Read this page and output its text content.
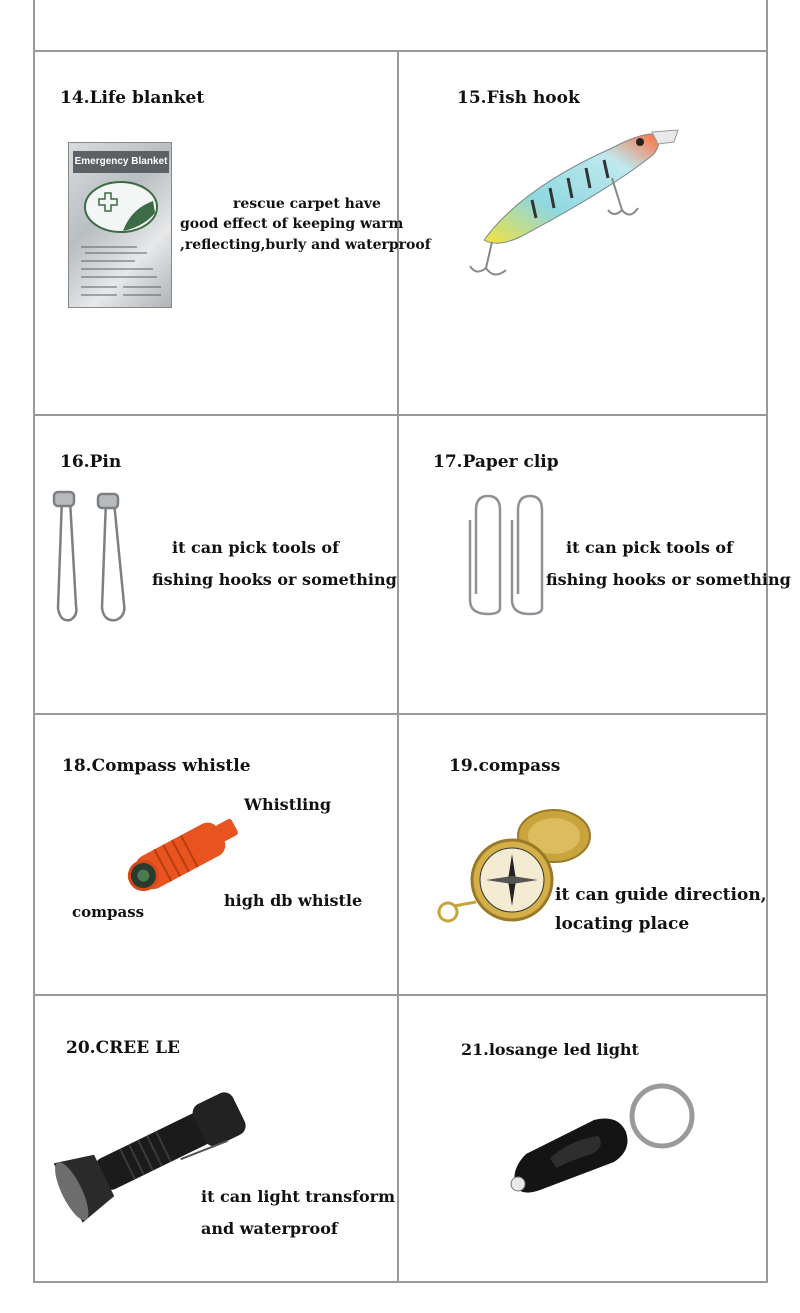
14.Life blanket
Emergency Blanket
rescue carpet have
good effect of keeping warm
,reflecting,burly and waterproof
15.Fish hook
16.Pin
it can pick tools of
fishing hooks or something
17.Paper clip
it can pick tools of
fishing hooks or something
18.Compass whistle
Whistling
high db whistle
compass
19.compass
it can guide direction,
locating place
20.CREE LE
it can light transform
and waterproof
21.losange led light
